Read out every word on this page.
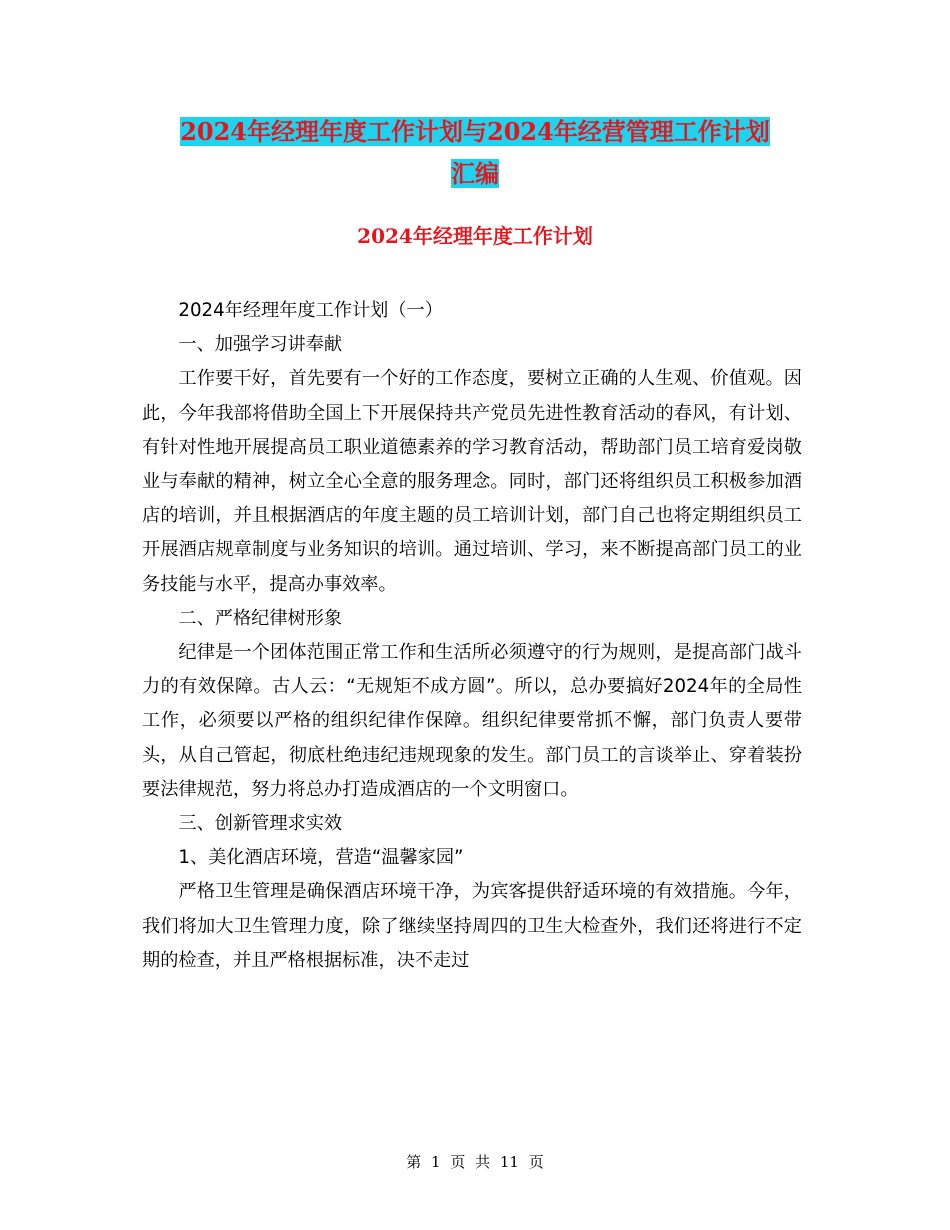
2024年经理年度工作计划与2024年经营管理工作计划
汇编
2024年经理年度工作计划

2024年经理年度工作计划（一）

一、加强学习讲奉献

工作要干好，首先要有一个好的工作态度，要树立正确的人生观、价值观。因此，今年我部将借助全国上下开展保持共产党员先进性教育活动的春风，有计划、有针对性地开展提高员工职业道德素养的学习教育活动，帮助部门员工培育爱岗敬业与奉献的精神，树立全心全意的服务理念。同时，部门还将组织员工积极参加酒店的培训，并且根据酒店的年度主题的员工培训计划，部门自己也将定期组织员工开展酒店规章制度与业务知识的培训。通过培训、学习，来不断提高部门员工的业务技能与水平，提高办事效率。

二、严格纪律树形象

纪律是一个团体范围正常工作和生活所必须遵守的行为规则，是提高部门战斗力的有效保障。古人云：“无规矩不成方圆”。所以，总办要搞好2024年的全局性工作，必须要以严格的组织纪律作保障。组织纪律要常抓不懈，部门负责人要带头，从自己管起，彻底杜绝违纪违规现象的发生。部门员工的言谈举止、穿着装扮要法律规范，努力将总办打造成酒店的一个文明窗口。

三、创新管理求实效

1、美化酒店环境，营造“温馨家园”

严格卫生管理是确保酒店环境干净，为宾客提供舒适环境的有效措施。今年，我们将加大卫生管理力度，除了继续坚持周四的卫生大检查外，我们还将进行不定期的检查，并且严格根据标准，决不走过

第 1 页 共 11 页
